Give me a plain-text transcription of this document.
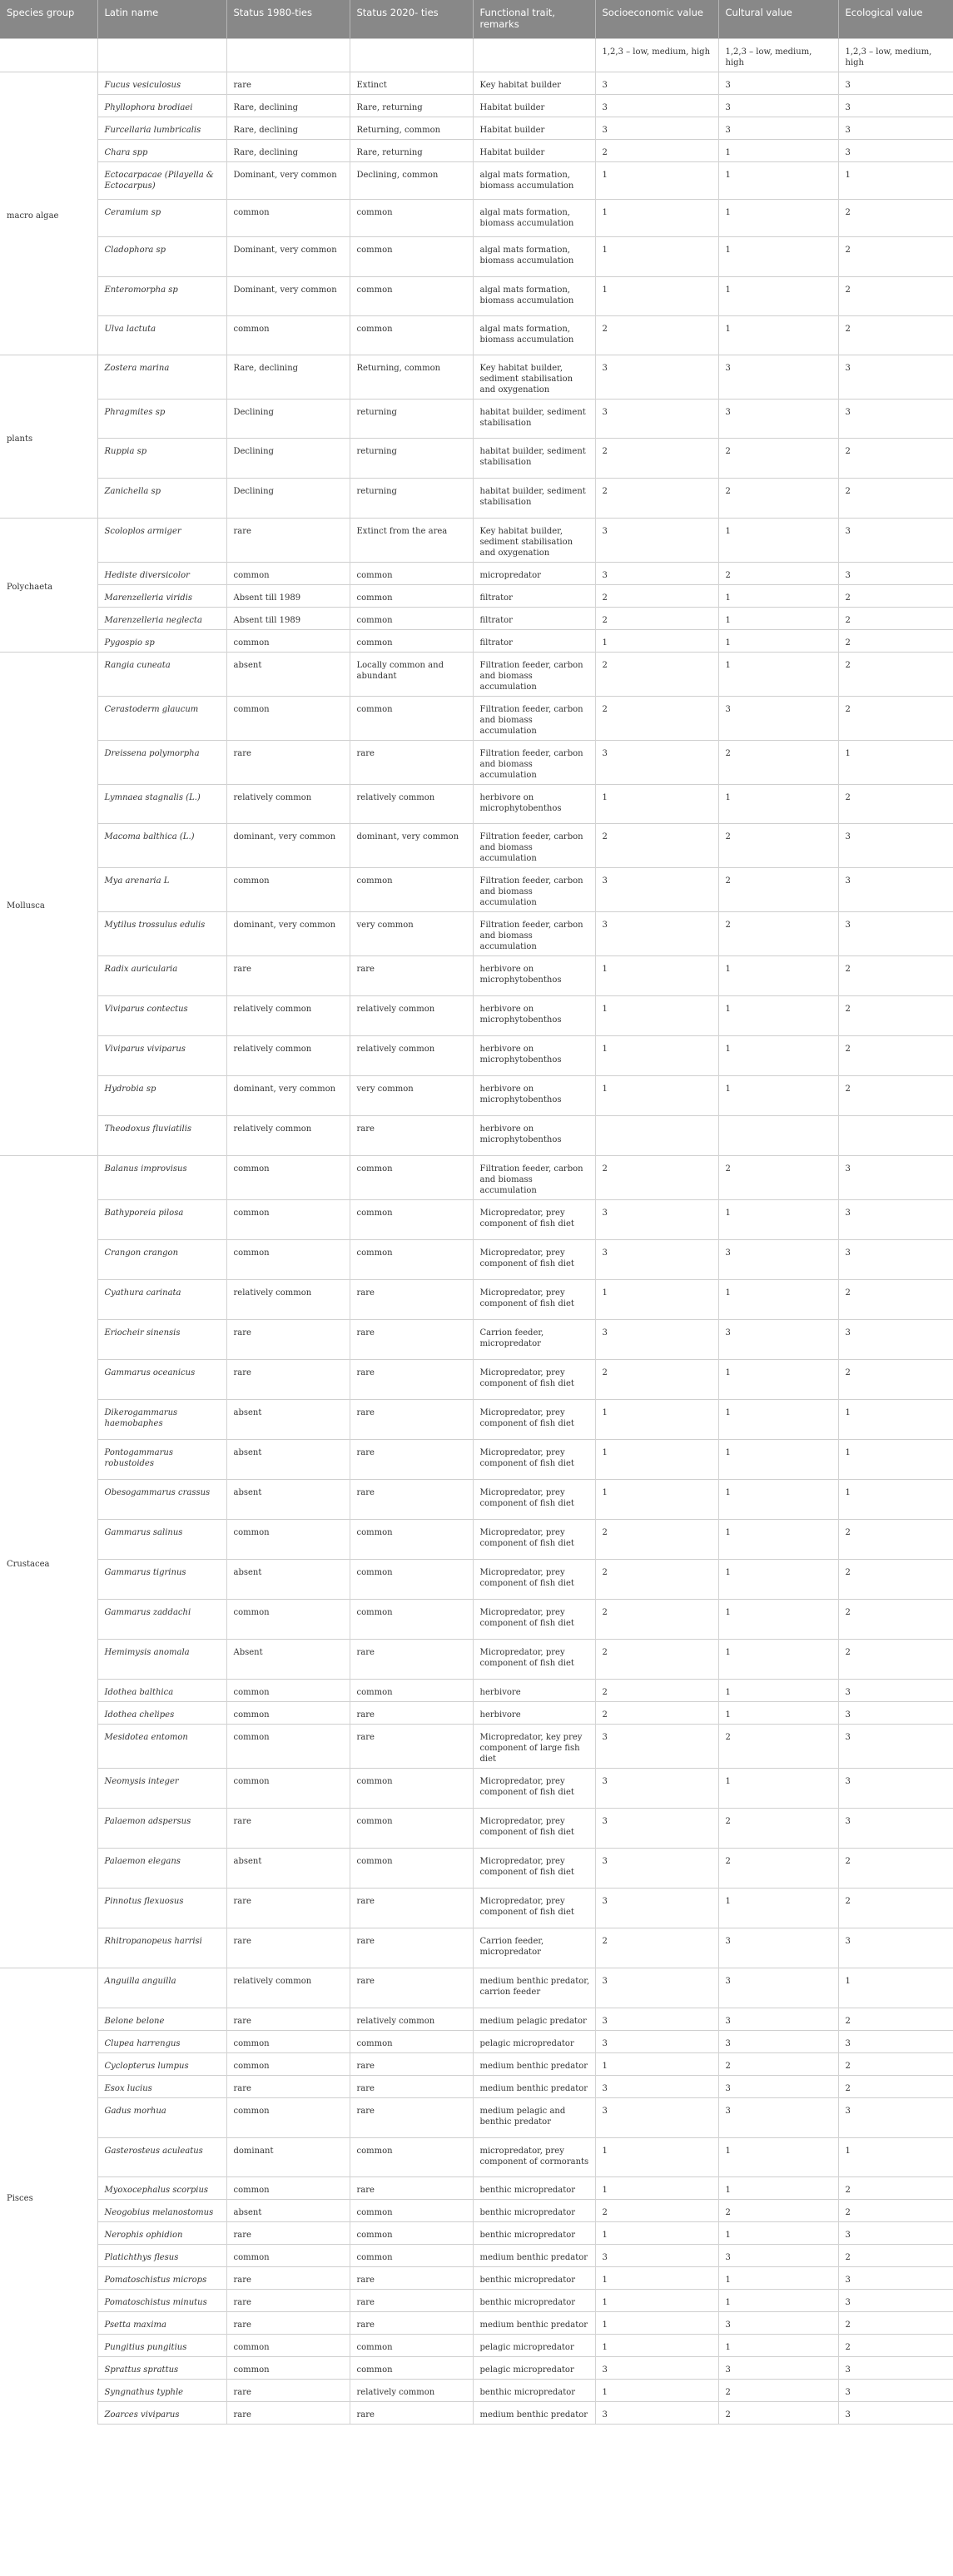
Species group	Latin name	Status 1980-ties	Status 2020- ties	Functional trait, remarks	Socioeconomic value	Cultural value	Ecological value
					1,2,3 – low, medium, high	1,2,3 – low, medium, high	1,2,3 – low, medium, high
macro algae	Fucus vesiculosus	rare	Extinct	Key habitat builder	3	3	3
	Phyllophora brodiaei	Rare, declining	Rare, returning	Habitat builder	3	3	3
	Furcellaria lumbricalis	Rare, declining	Returning, common	Habitat builder	3	3	3
	Chara spp	Rare, declining	Rare, returning	Habitat builder	2	1	3
	Ectocarpacae (Pilayella & Ectocarpus)	Dominant, very common	Declining, common	algal mats formation, biomass accumulation	1	1	1
	Ceramium sp	common	common	algal mats formation, biomass accumulation	1	1	2
	Cladophora sp	Dominant, very common	common	algal mats formation, biomass accumulation	1	1	2
	Enteromorpha sp	Dominant, very common	common	algal mats formation, biomass accumulation	1	1	2
	Ulva lactuta	common	common	algal mats formation, biomass accumulation	2	1	2
plants	Zostera marina	Rare, declining	Returning, common	Key habitat builder, sediment stabilisation and oxygenation	3	3	3
	Phragmites sp	Declining	returning	habitat builder, sediment stabilisation	3	3	3
	Ruppia sp	Declining	returning	habitat builder, sediment stabilisation	2	2	2
	Zanichella sp	Declining	returning	habitat builder, sediment stabilisation	2	2	2
Polychaeta	Scoloplos armiger	rare	Extinct from the area	Key habitat builder, sediment stabilisation and oxygenation	3	1	3
	Hediste diversicolor	common	common	micropredator	3	2	3
	Marenzelleria viridis	Absent till 1989	common	filtrator	2	1	2
	Marenzelleria neglecta	Absent till 1989	common	filtrator	2	1	2
	Pygospio sp	common	common	filtrator	1	1	2
Mollusca	Rangia cuneata	absent	Locally common and abundant	Filtration feeder, carbon and biomass accumulation	2	1	2
	Cerastoderm glaucum	common	common	Filtration feeder, carbon and biomass accumulation	2	3	2
	Dreissena polymorpha	rare	rare	Filtration feeder, carbon and biomass accumulation	3	2	1
	Lymnaea stagnalis (L.)	relatively common	relatively common	herbivore on microphytobenthos	1	1	2
	Macoma balthica (L.)	dominant, very common	dominant, very common	Filtration feeder, carbon and biomass accumulation	2	2	3
	Mya arenaria L	common	common	Filtration feeder, carbon and biomass accumulation	3	2	3
	Mytilus trossulus edulis	dominant, very common	very common	Filtration feeder, carbon and biomass accumulation	3	2	3
	Radix auricularia	rare	rare	herbivore on microphytobenthos	1	1	2
	Viviparus contectus	relatively common	relatively common	herbivore on microphytobenthos	1	1	2
	Viviparus viviparus	relatively common	relatively common	herbivore on microphytobenthos	1	1	2
	Hydrobia sp	dominant, very common	very common	herbivore on microphytobenthos	1	1	2
	Theodoxus fluviatilis	relatively common	rare	herbivore on microphytobenthos			
Crustacea	Balanus improvisus	common	common	Filtration feeder, carbon and biomass accumulation	2	2	3
	Bathyporeia pilosa	common	common	Micropredator, prey component of fish diet	3	1	3
	Crangon crangon	common	common	Micropredator, prey component of fish diet	3	3	3
	Cyathura carinata	relatively common	rare	Micropredator, prey component of fish diet	1	1	2
	Eriocheir sinensis	rare	rare	Carrion feeder, micropredator	3	3	3
	Gammarus oceanicus	rare	rare	Micropredator, prey component of fish diet	2	1	2
	Dikerogammarus haemobaphes	absent	rare	Micropredator, prey component of fish diet	1	1	1
	Pontogammarus robustoides	absent	rare	Micropredator, prey component of fish diet	1	1	1
	Obesogammarus crassus	absent	rare	Micropredator, prey component of fish diet	1	1	1
	Gammarus salinus	common	common	Micropredator, prey component of fish diet	2	1	2
	Gammarus tigrinus	absent	common	Micropredator, prey component of fish diet	2	1	2
	Gammarus zaddachi	common	common	Micropredator, prey component of fish diet	2	1	2
	Hemimysis anomala	Absent	rare	Micropredator, prey component of fish diet	2	1	2
	Idothea balthica	common	common	herbivore	2	1	3
	Idothea chelipes	common	rare	herbivore	2	1	3
	Mesidotea entomon	common	rare	Micropredator, key prey component of large fish diet	3	2	3
	Neomysis integer	common	common	Micropredator, prey component of fish diet	3	1	3
	Palaemon adspersus	rare	common	Micropredator, prey component of fish diet	3	2	3
	Palaemon elegans	absent	common	Micropredator, prey component of fish diet	3	2	2
	Pinnotus flexuosus	rare	rare	Micropredator, prey component of fish diet	3	1	2
	Rhitropanopeus harrisi	rare	rare	Carrion feeder, micropredator	2	3	3
Pisces	Anguilla anguilla	relatively common	rare	medium benthic predator, carrion feeder	3	3	1
	Belone belone	rare	relatively common	medium pelagic predator	3	3	2
	Clupea harrengus	common	common	pelagic micropredator	3	3	3
	Cyclopterus lumpus	common	rare	medium benthic predator	1	2	2
	Esox lucius	rare	rare	medium benthic predator	3	3	2
	Gadus morhua	common	rare	medium pelagic and benthic predator	3	3	3
	Gasterosteus aculeatus	dominant	common	micropredator, prey component of cormorants	1	1	1
	Myoxocephalus scorpius	common	rare	benthic micropredator	1	1	2
	Neogobius melanostomus	absent	common	benthic micropredator	2	2	2
	Nerophis ophidion	rare	common	benthic micropredator	1	1	3
	Platichthys flesus	common	common	medium benthic predator	3	3	2
	Pomatoschistus microps	rare	rare	benthic micropredator	1	1	3
	Pomatoschistus minutus	rare	rare	benthic micropredator	1	1	3
	Psetta maxima	rare	rare	medium benthic predator	1	3	2
	Pungitius pungitius	common	common	pelagic micropredator	1	1	2
	Sprattus sprattus	common	common	pelagic micropredator	3	3	3
	Syngnathus typhle	rare	relatively common	benthic micropredator	1	2	3
	Zoarces viviparus	rare	rare	medium benthic predator	3	2	3
